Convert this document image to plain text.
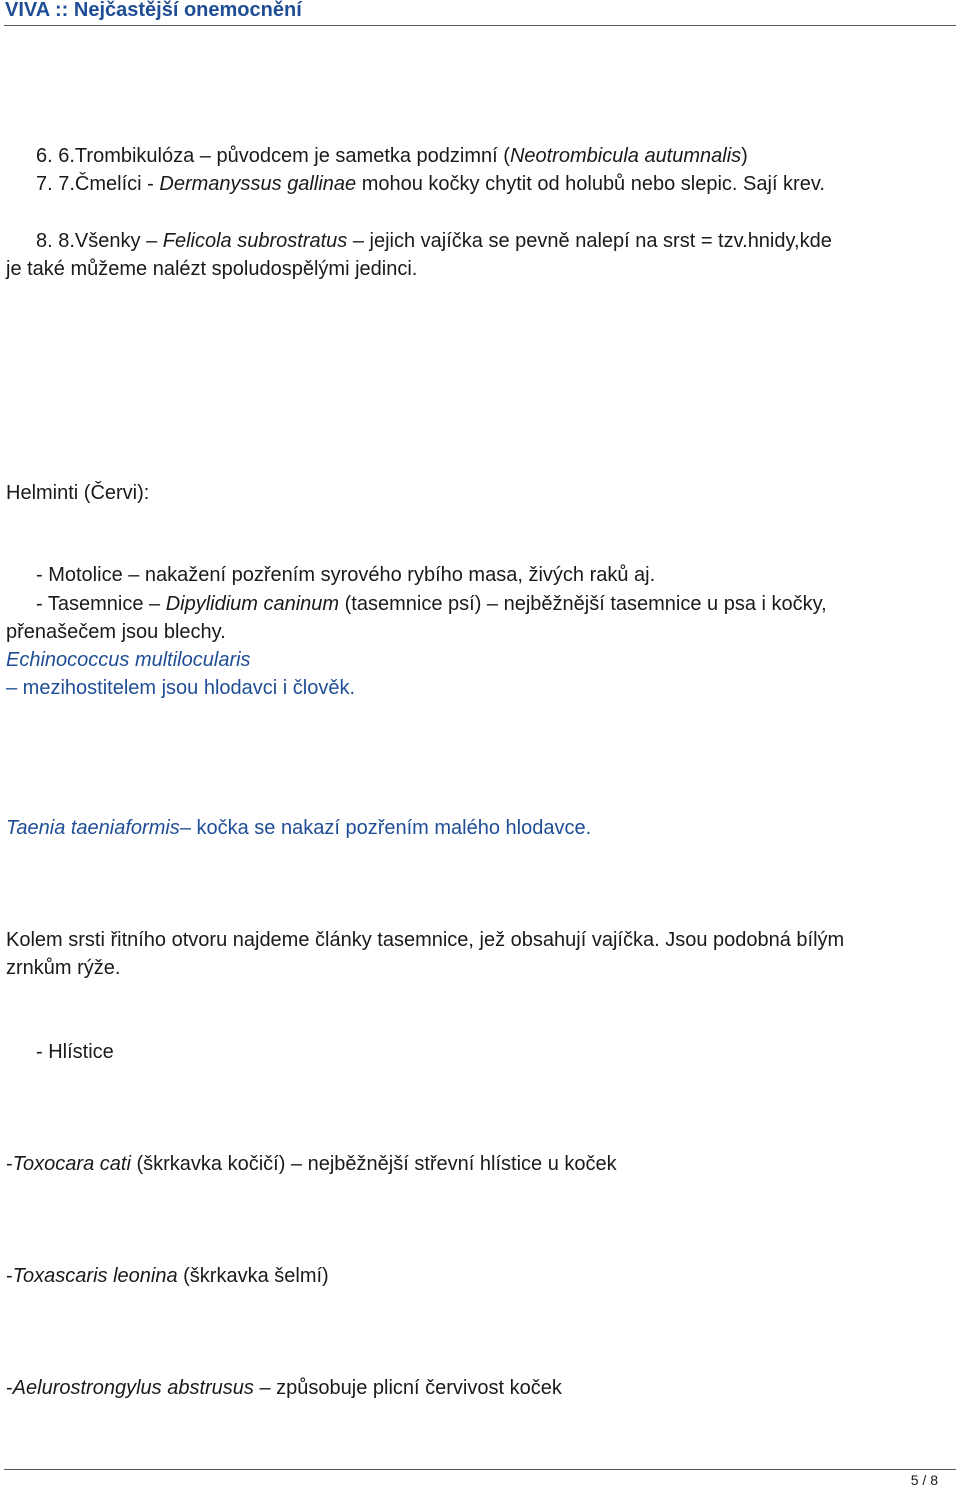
VIVA :: Nejčastější onemocnění
6. 6.Trombikulóza – původcem je sametka podzimní (Neotrombicula autumnalis)
7. 7.Čmelíci - Dermanyssus gallinae mohou kočky chytit od holubů nebo slepic. Sají krev.
8. 8.Všenky – Felicola subrostratus – jejich vajíčka se pevně nalepí na srst = tzv.hnidy,kde
je také můžeme nalézt spoludospělými jedinci.
Helminti (Červi):
- Motolice – nakažení pozřením syrového rybího masa, živých raků aj.
- Tasemnice – Dipylidium caninum (tasemnice psí) – nejběžnější tasemnice u psa i kočky,
přenašečem jsou blechy.
Echinococcus multilocularis
– mezihostitelem jsou hlodavci i člověk.
Taenia taeniaformis– kočka se nakazí pozřením malého hlodavce.
Kolem srsti řitního otvoru najdeme články tasemnice, jež obsahují vajíčka. Jsou podobná bílým
zrnkům rýže.
- Hlístice
-Toxocara cati (škrkavka kočičí) – nejběžnější střevní hlístice u koček
-Toxascaris leonina (škrkavka šelmí)
-Aelurostrongylus abstrusus – způsobuje plicní červivost koček
5 / 8
